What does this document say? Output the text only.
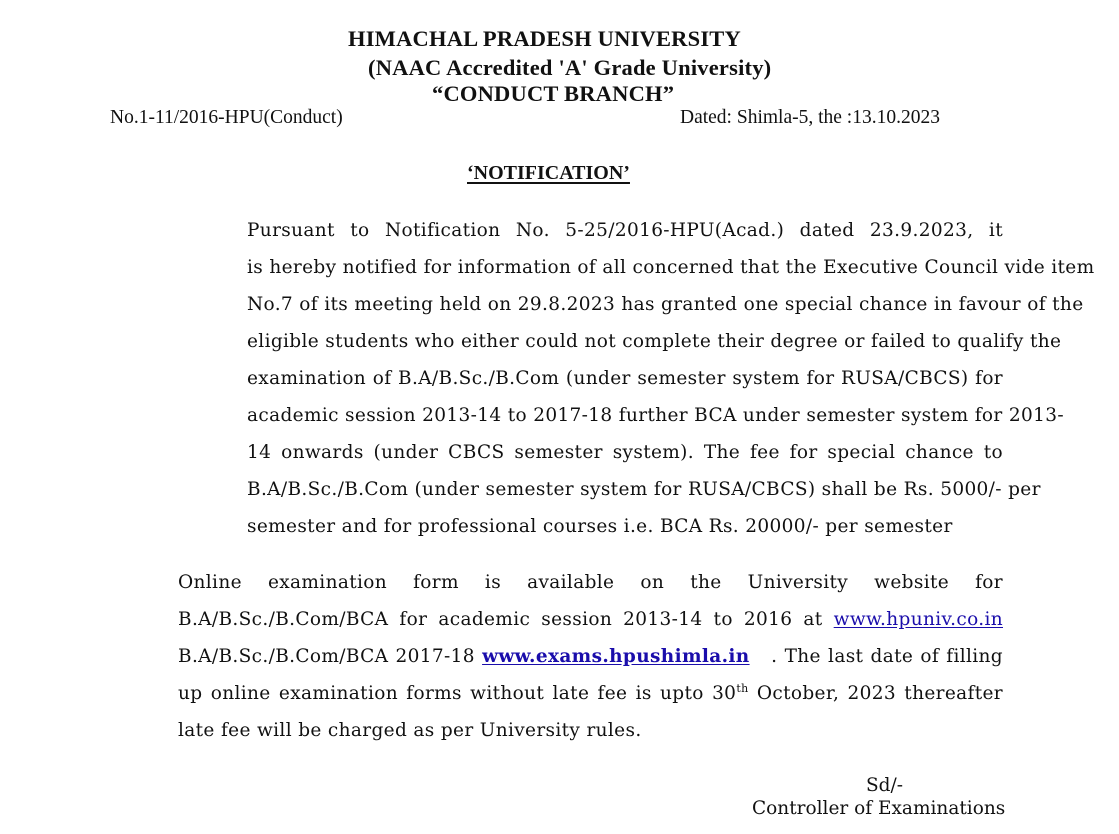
HIMACHAL PRADESH UNIVERSITY
(NAAC Accredited 'A' Grade University)
“CONDUCT BRANCH”
No.1-11/2016-HPU(Conduct)	Dated: Shimla-5, the :13.10.2023
‘NOTIFICATION’
Pursuant to Notification No. 5-25/2016-HPU(Acad.) dated 23.9.2023, it
is hereby notified for information of all concerned that the Executive Council vide item
No.7 of its meeting held on 29.8.2023 has granted one special chance in favour of the
eligible students who either could not complete their degree or failed to qualify the
examination of B.A/B.Sc./B.Com (under semester system for RUSA/CBCS) for
academic session 2013-14 to 2017-18 further BCA under semester system for 2013-
14 onwards (under CBCS semester system). The fee for special chance to
B.A/B.Sc./B.Com (under semester system for RUSA/CBCS) shall be Rs. 5000/- per
semester and for professional courses i.e. BCA Rs. 20000/- per semester
Online examination form is available on the University website for
B.A/B.Sc./B.Com/BCA for academic session 2013-14 to 2016 at www.hpuniv.co.in
B.A/B.Sc./B.Com/BCA 2017-18 www.exams.hpushimla.in . The last date of filling
up online examination forms without late fee is upto 30th October, 2023 thereafter
late fee will be charged as per University rules.
Sd/-
Controller of Examinations
